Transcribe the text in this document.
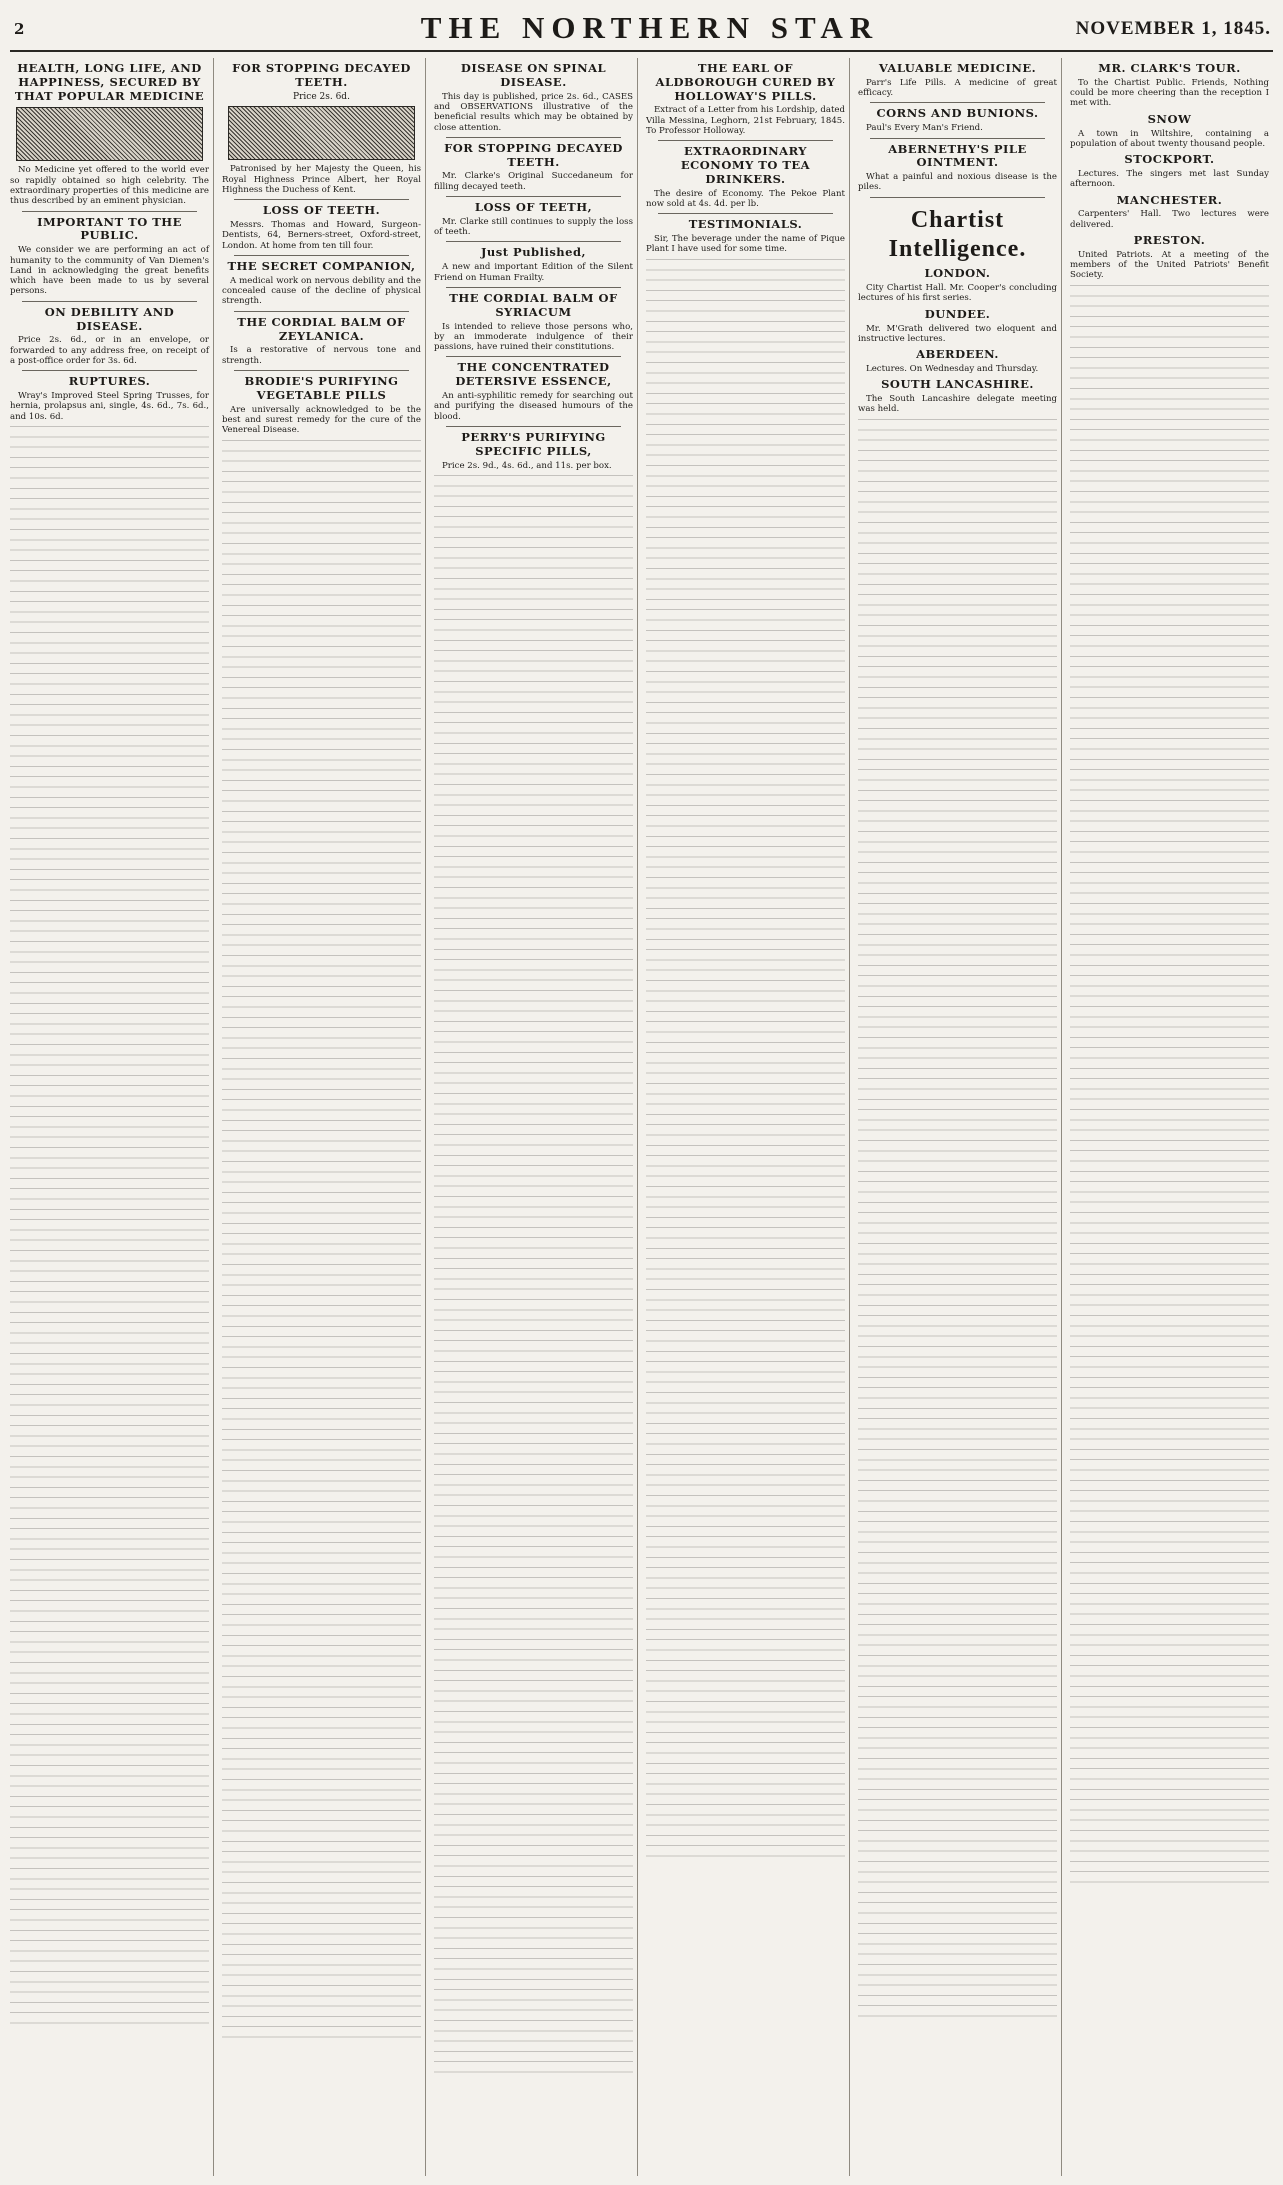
2	THE NORTHERN STAR	NOVEMBER 1, 1845.
HEALTH, LONG LIFE, AND HAPPINESS, SECURED BY THAT POPULAR MEDICINE

No Medicine yet offered to the world ever so rapidly obtained so high celebrity. The extraordinary properties of this medicine are thus described by an eminent physician.

IMPORTANT TO THE PUBLIC.

We consider we are performing an act of humanity to the community of Van Diemen's Land in acknowledging the great benefits which have been made to us by several persons.

ON DEBILITY AND DISEASE.

Price 2s. 6d., or in an envelope, or forwarded to any address free, on receipt of a post-office order for 3s. 6d.

RUPTURES.

Wray's Improved Steel Spring Trusses, for hernia, prolapsus ani, single, 4s. 6d., 7s. 6d., and 10s. 6d.

FOR STOPPING DECAYED TEETH.
Price 2s. 6d.

Patronised by her Majesty the Queen, his Royal Highness Prince Albert, her Royal Highness the Duchess of Kent.

LOSS OF TEETH.

Messrs. Thomas and Howard, Surgeon-Dentists, 64, Berners-street, Oxford-street, London. At home from ten till four.

THE SECRET COMPANION,

A medical work on nervous debility and the concealed cause of the decline of physical strength.

THE CORDIAL BALM OF ZEYLANICA.

Is a restorative of nervous tone and strength.

BRODIE'S PURIFYING VEGETABLE PILLS

Are universally acknowledged to be the best and surest remedy for the cure of the Venereal Disease.

DISEASE ON SPINAL DISEASE.

This day is published, price 2s. 6d., CASES and OBSERVATIONS illustrative of the beneficial results which may be obtained by close attention.

FOR STOPPING DECAYED TEETH.

Mr. Clarke's Original Succedaneum for filling decayed teeth.

LOSS OF TEETH,

Mr. Clarke still continues to supply the loss of teeth.

Just Published,

A new and important Edition of the Silent Friend on Human Frailty.

THE CORDIAL BALM OF SYRIACUM

Is intended to relieve those persons who, by an immoderate indulgence of their passions, have ruined their constitutions.

THE CONCENTRATED DETERSIVE ESSENCE,

An anti-syphilitic remedy for searching out and purifying the diseased humours of the blood.

PERRY'S PURIFYING SPECIFIC PILLS,

Price 2s. 9d., 4s. 6d., and 11s. per box.

THE EARL OF ALDBOROUGH CURED BY HOLLOWAY'S PILLS.

Extract of a Letter from his Lordship, dated Villa Messina, Leghorn, 21st February, 1845. To Professor Holloway.

EXTRAORDINARY ECONOMY TO TEA DRINKERS.

The desire of Economy. The Pekoe Plant now sold at 4s. 4d. per lb.

TESTIMONIALS.

Sir, The beverage under the name of Pique Plant I have used for some time.

VALUABLE MEDICINE.

Parr's Life Pills. A medicine of great efficacy.

CORNS AND BUNIONS.

Paul's Every Man's Friend.

ABERNETHY'S PILE OINTMENT.

What a painful and noxious disease is the piles.

Chartist Intelligence.
LONDON.

City Chartist Hall. Mr. Cooper's concluding lectures of his first series.

DUNDEE.

Mr. M'Grath delivered two eloquent and instructive lectures.

ABERDEEN.

Lectures. On Wednesday and Thursday.

SOUTH LANCASHIRE.

The South Lancashire delegate meeting was held.

MR. CLARK'S TOUR.

To the Chartist Public. Friends, Nothing could be more cheering than the reception I met with.

SNOW

A town in Wiltshire, containing a population of about twenty thousand people.

STOCKPORT.

Lectures. The singers met last Sunday afternoon.

MANCHESTER.

Carpenters' Hall. Two lectures were delivered.

PRESTON.

United Patriots. At a meeting of the members of the United Patriots' Benefit Society.
